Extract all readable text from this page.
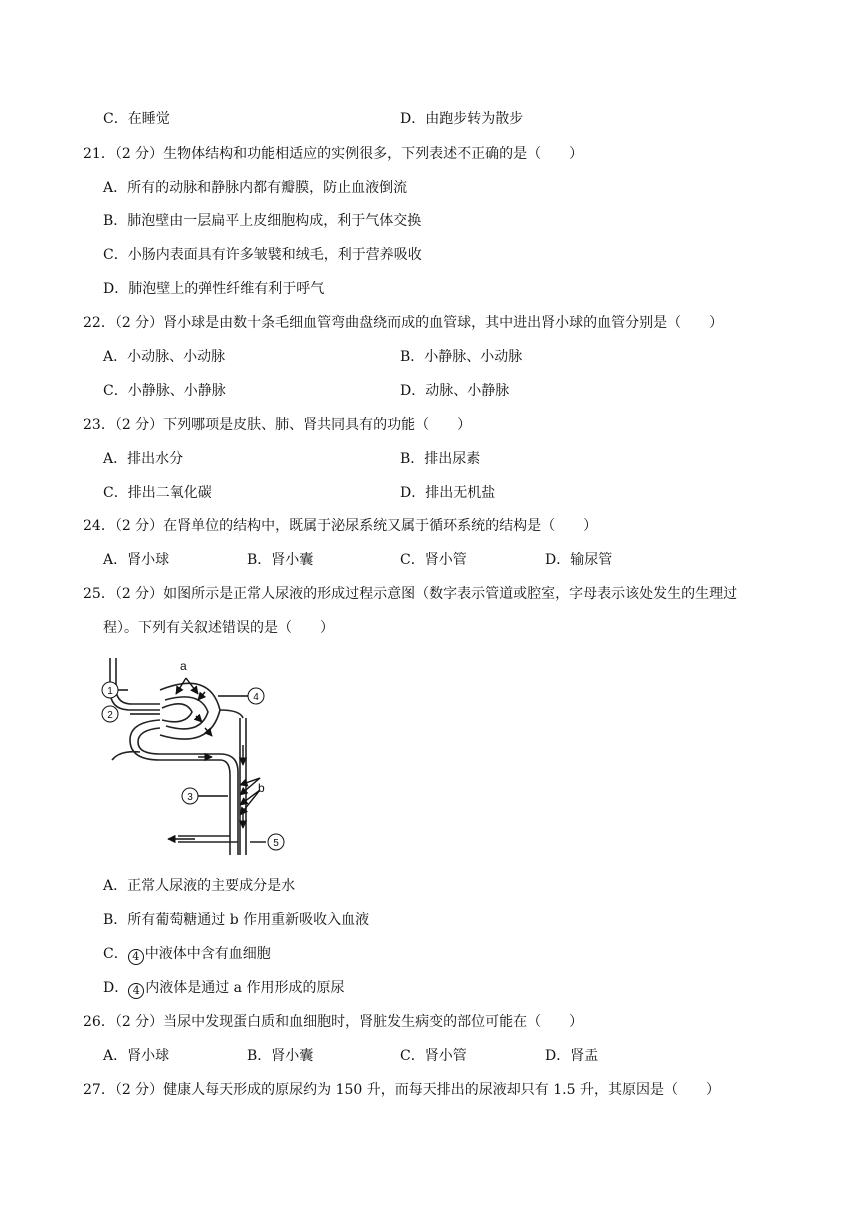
C．在睡觉	D．由跑步转为散步
21．（2 分）生物体结构和功能相适应的实例很多，下列表述不正确的是（　　）
A．所有的动脉和静脉内都有瓣膜，防止血液倒流
B．肺泡壁由一层扁平上皮细胞构成，利于气体交换
C．小肠内表面具有许多皱襞和绒毛，利于营养吸收
D．肺泡壁上的弹性纤维有利于呼气
22．（2 分）肾小球是由数十条毛细血管弯曲盘绕而成的血管球，其中进出肾小球的血管分别是（　　）
A．小动脉、小动脉	B．小静脉、小动脉
C．小静脉、小静脉	D．动脉、小静脉
23．（2 分）下列哪项是皮肤、肺、肾共同具有的功能（　　）
A．排出水分	B．排出尿素
C．排出二氧化碳	D．排出无机盐
24．（2 分）在肾单位的结构中，既属于泌尿系统又属于循环系统的结构是（　　）
A．肾小球	B．肾小囊	C．肾小管	D．输尿管
25．（2 分）如图所示是正常人尿液的形成过程示意图（数字表示管道或腔室，字母表示该处发生的生理过
程）。下列有关叙述错误的是（　　）
a
b
1
2
4
3
5
A．正常人尿液的主要成分是水
B．所有葡萄糖通过 b 作用重新吸收入血液
C． 4 中液体中含有血细胞
D． 4 内液体是通过 a 作用形成的原尿
26．（2 分）当尿中发现蛋白质和血细胞时，肾脏发生病变的部位可能在（　　）
A．肾小球	B．肾小囊	C．肾小管	D．肾盂
27．（2 分）健康人每天形成的原尿约为 150 升，而每天排出的尿液却只有 1.5 升，其原因是（　　）
